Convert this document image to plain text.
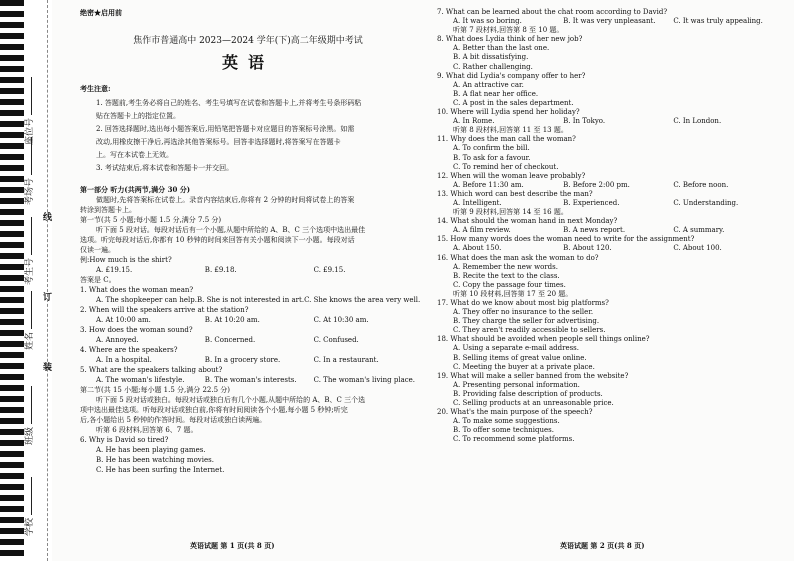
学校
班级
姓名
考生号
考场号
座位号
线
订
装
绝密★启用前
焦作市普通高中 2023—2024 学年(下)高二年级期中考试
英语
考生注意:
1. 答题前,考生务必将自己的姓名、考生号填写在试卷和答题卡上,并将考生号条形码粘
贴在答题卡上的指定位置。
2. 回答选择题时,选出每小题答案后,用铅笔把答题卡对应题目的答案标号涂黑。如需
改动,用橡皮擦干净后,再选涂其他答案标号。回答非选择题时,将答案写在答题卡
上。写在本试卷上无效。
3. 考试结束后,将本试卷和答题卡一并交回。
第一部分 听力(共两节,满分 30 分)
做题时,先将答案标在试卷上。录音内容结束后,你将有 2 分钟的时间将试卷上的答案
转涂到答题卡上。
第一节(共 5 小题;每小题 1.5 分,满分 7.5 分)
听下面 5 段对话。每段对话后有一个小题,从题中所给的 A、B、C 三个选项中选出最佳
选项。听完每段对话后,你都有 10 秒钟的时间来回答有关小题和阅读下一小题。每段对话
仅读一遍。
例:How much is the shirt?
A. £19.15.	B. £9.18.	C. £9.15.
答案是 C。
1. What does the woman mean?
A. The shopkeeper can help. B. She is not interested in art. C. She knows the area very well.
2. When will the speakers arrive at the station?
A. At 10:00 am.	B. At 10:20 am.	C. At 10:30 am.
3. How does the woman sound?
A. Annoyed.	B. Concerned.	C. Confused.
4. Where are the speakers?
A. In a hospital.	B. In a grocery store.	C. In a restaurant.
5. What are the speakers talking about?
A. The woman's lifestyle.	B. The woman's interests.	C. The woman's living place.
第二节(共 15 小题;每小题 1.5 分,满分 22.5 分)
听下面 5 段对话或独白。每段对话或独白后有几个小题,从题中所给的 A、B、C 三个选
项中选出最佳选项。听每段对话或独白前,你将有时间阅读各个小题,每小题 5 秒钟;听完
后,各小题给出 5 秒钟的作答时间。每段对话或独白读两遍。
听第 6 段材料,回答第 6、7 题。
6. Why is David so tired?
A. He has been playing games.
B. He has been watching movies.
C. He has been surfing the Internet.
英语试题 第 1 页(共 8 页)
7. What can be learned about the chat room according to David?
A. It was so boring.	B. It was very unpleasant.	C. It was truly appealing.
听第 7 段材料,回答第 8 至 10 题。
8. What does Lydia think of her new job?
A. Better than the last one.
B. A bit dissatisfying.
C. Rather challenging.
9. What did Lydia's company offer to her?
A. An attractive car.
B. A flat near her office.
C. A post in the sales department.
10. Where will Lydia spend her holiday?
A. In Rome.	B. In Tokyo.	C. In London.
听第 8 段材料,回答第 11 至 13 题。
11. Why does the man call the woman?
A. To confirm the bill.
B. To ask for a favour.
C. To remind her of checkout.
12. When will the woman leave probably?
A. Before 11:30 am.	B. Before 2:00 pm.	C. Before noon.
13. Which word can best describe the man?
A. Intelligent.	B. Experienced.	C. Understanding.
听第 9 段材料,回答第 14 至 16 题。
14. What should the woman hand in next Monday?
A. A film review.	B. A news report.	C. A summary.
15. How many words does the woman need to write for the assignment?
A. About 150.	B. About 120.	C. About 100.
16. What does the man ask the woman to do?
A. Remember the new words.
B. Recite the text to the class.
C. Copy the passage four times.
听第 10 段材料,回答第 17 至 20 题。
17. What do we know about most big platforms?
A. They offer no insurance to the seller.
B. They charge the seller for advertising.
C. They aren't readily accessible to sellers.
18. What should be avoided when people sell things online?
A. Using a separate e-mail address.
B. Selling items of great value online.
C. Meeting the buyer at a private place.
19. What will make a seller banned from the website?
A. Presenting personal information.
B. Providing false description of products.
C. Selling products at an unreasonable price.
20. What's the main purpose of the speech?
A. To make some suggestions.
B. To offer some techniques.
C. To recommend some platforms.
英语试题 第 2 页(共 8 页)
